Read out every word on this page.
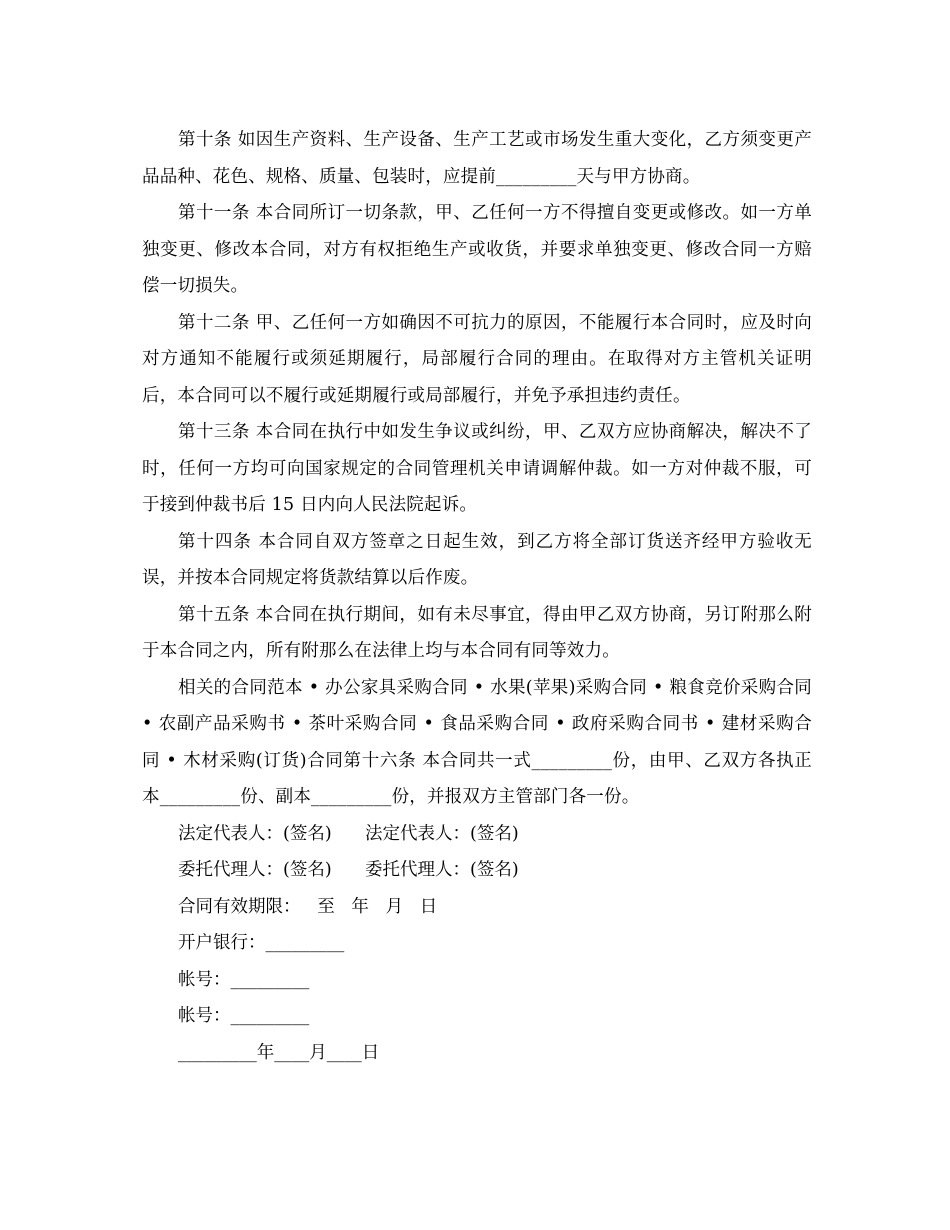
第十条 如因生产资料、生产设备、生产工艺或市场发生重大变化，乙方须变更产品品种、花色、规格、质量、包装时，应提前_________天与甲方协商。

第十一条 本合同所订一切条款，甲、乙任何一方不得擅自变更或修改。如一方单独变更、修改本合同，对方有权拒绝生产或收货，并要求单独变更、修改合同一方赔偿一切损失。

第十二条 甲、乙任何一方如确因不可抗力的原因，不能履行本合同时，应及时向对方通知不能履行或须延期履行，局部履行合同的理由。在取得对方主管机关证明后，本合同可以不履行或延期履行或局部履行，并免予承担违约责任。

第十三条 本合同在执行中如发生争议或纠纷，甲、乙双方应协商解决，解决不了时，任何一方均可向国家规定的合同管理机关申请调解仲裁。如一方对仲裁不服，可于接到仲裁书后 15 日内向人民法院起诉。

第十四条 本合同自双方签章之日起生效，到乙方将全部订货送齐经甲方验收无误，并按本合同规定将货款结算以后作废。

第十五条 本合同在执行期间，如有未尽事宜，得由甲乙双方协商，另订附那么附于本合同之内，所有附那么在法律上均与本合同有同等效力。

相关的合同范本 • 办公家具采购合同 • 水果(苹果)采购合同 • 粮食竞价采购合同 • 农副产品采购书 • 茶叶采购合同 • 食品采购合同 • 政府采购合同书 • 建材采购合同 • 木材采购(订货)合同第十六条 本合同共一式_________份，由甲、乙双方各执正本_________份、副本_________份，并报双方主管部门各一份。

法定代表人：(签名)      法定代表人：(签名)

委托代理人：(签名)      委托代理人：(签名)

合同有效期限：   至   年   月   日

开户银行：_________

帐号：_________

帐号：_________

_________年____月____日
